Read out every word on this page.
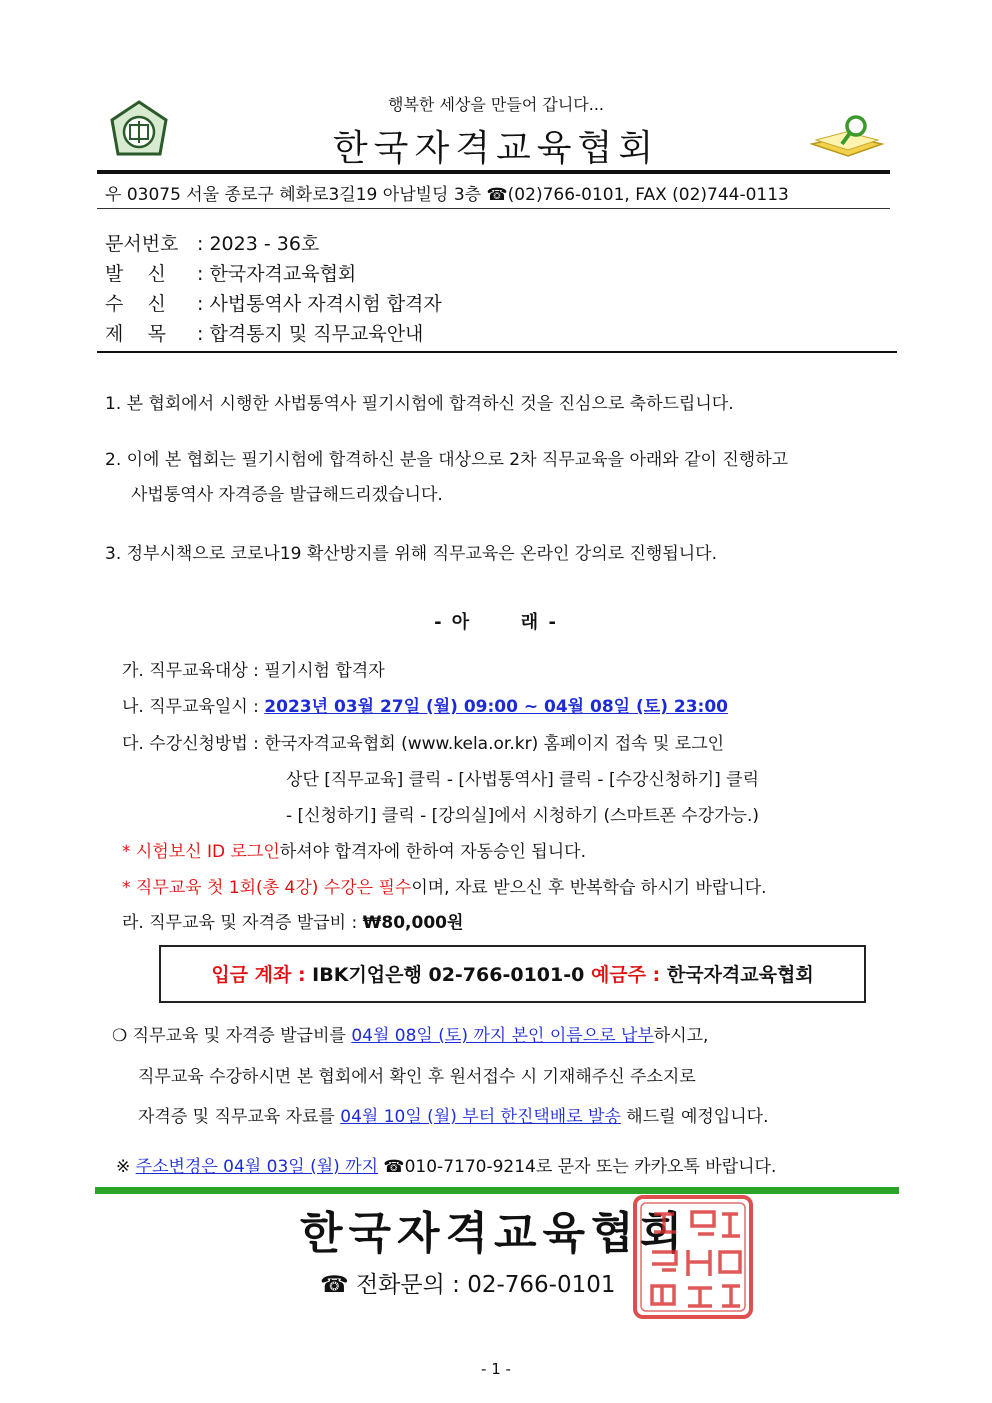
행복한 세상을 만들어 갑니다...
한국자격교육협회
우 03075 서울 종로구 혜화로3길19 아남빌딩 3층 ☎(02)766-0101, FAX (02)744-0113
문서번호 : 2023 - 36호
발    신 : 한국자격교육협회
수    신 : 사법통역사 자격시험 합격자
제    목 : 합격통지 및 직무교육안내
1. 본 협회에서 시행한 사법통역사 필기시험에 합격하신 것을 진심으로 축하드립니다.
2. 이에 본 협회는 필기시험에 합격하신 분을 대상으로 2차 직무교육을 아래와 같이 진행하고
사법통역사 자격증을 발급해드리겠습니다.
3. 정부시책으로 코로나19 확산방지를 위해 직무교육은 온라인 강의로 진행됩니다.
- 아      래 -
가. 직무교육대상 : 필기시험 합격자
나. 직무교육일시 : 2023년 03월 27일 (월) 09:00 ~ 04월 08일 (토) 23:00
다. 수강신청방법 : 한국자격교육협회 (www.kela.or.kr) 홈페이지 접속 및 로그인
상단 [직무교육] 클릭 - [사법통역사] 클릭 - [수강신청하기] 클릭
- [신청하기] 클릭 - [강의실]에서 시청하기 (스마트폰 수강가능.)
* 시험보신 ID 로그인하셔야 합격자에 한하여 자동승인 됩니다.
* 직무교육 첫 1회(총 4강) 수강은 필수이며, 자료 받으신 후 반복학습 하시기 바랍니다.
라. 직무교육 및 자격증 발급비 : ₩80,000원
입금 계좌 : IBK기업은행 02-766-0101-0 예금주 : 한국자격교육협회
❍ 직무교육 및 자격증 발급비를 04월 08일 (토) 까지 본인 이름으로 납부하시고,
직무교육 수강하시면 본 협회에서 확인 후 원서접수 시 기재해주신 주소지로
자격증 및 직무교육 자료를 04월 10일 (월) 부터 한진택배로 발송 해드릴 예정입니다.
※ 주소변경은 04월 03일 (월) 까지 ☎010-7170-9214로 문자 또는 카카오톡 바랍니다.
한국자격교육협회
☎ 전화문의 : 02-766-0101
- 1 -
